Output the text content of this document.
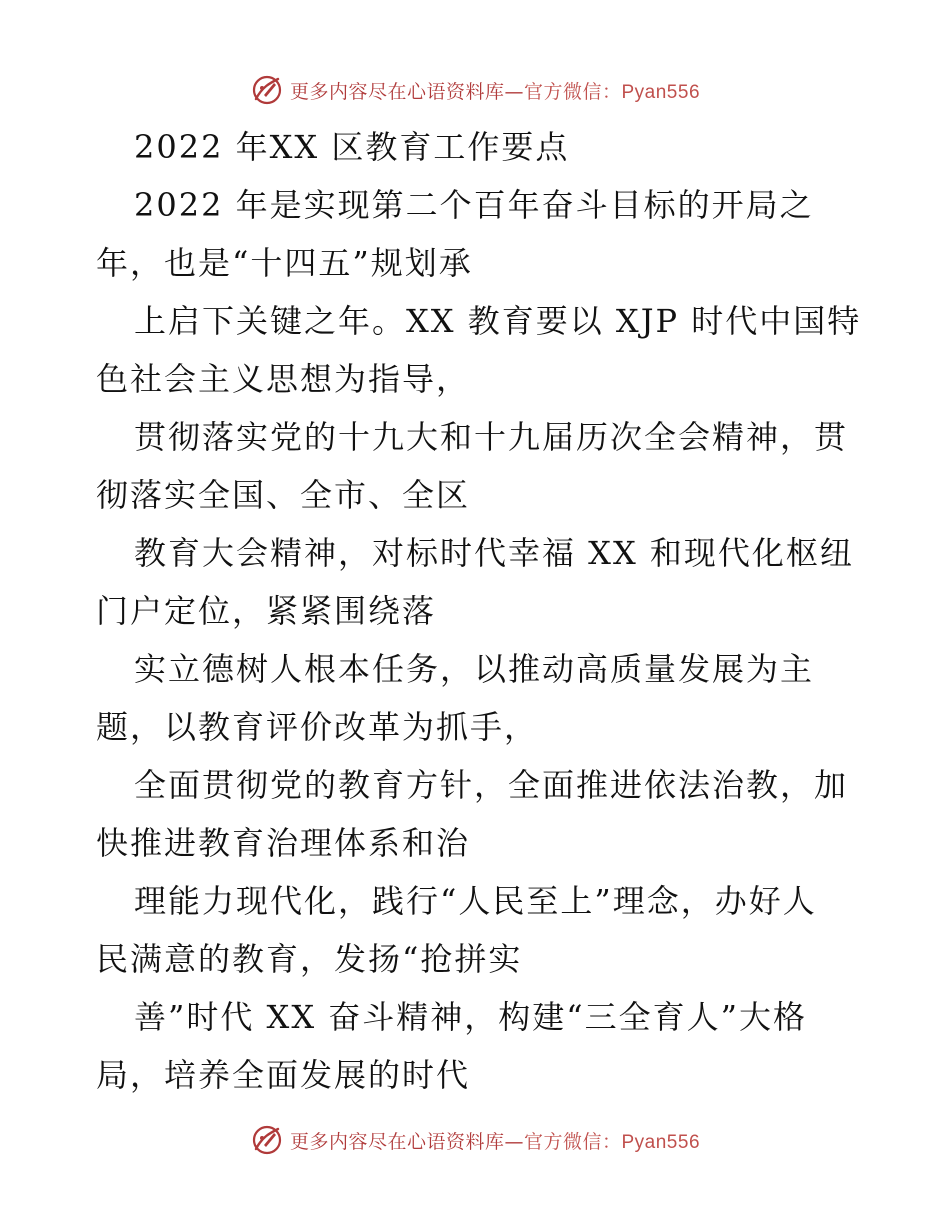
更多内容尽在心语资料库—官方微信：Pyan556
2022 年XX 区教育工作要点
2022 年是实现第二个百年奋斗目标的开局之
年，也是“十四五”规划承
上启下关键之年。XX 教育要以 XJP 时代中国特
色社会主义思想为指导，
贯彻落实党的十九大和十九届历次全会精神，贯
彻落实全国、全市、全区
教育大会精神，对标时代幸福 XX 和现代化枢纽
门户定位，紧紧围绕落
实立德树人根本任务，以推动高质量发展为主
题，以教育评价改革为抓手，
全面贯彻党的教育方针，全面推进依法治教，加
快推进教育治理体系和治
理能力现代化，践行“人民至上”理念，办好人
民满意的教育，发扬“抢拼实
善”时代 XX 奋斗精神，构建“三全育人”大格
局，培养全面发展的时代
更多内容尽在心语资料库—官方微信：Pyan556
